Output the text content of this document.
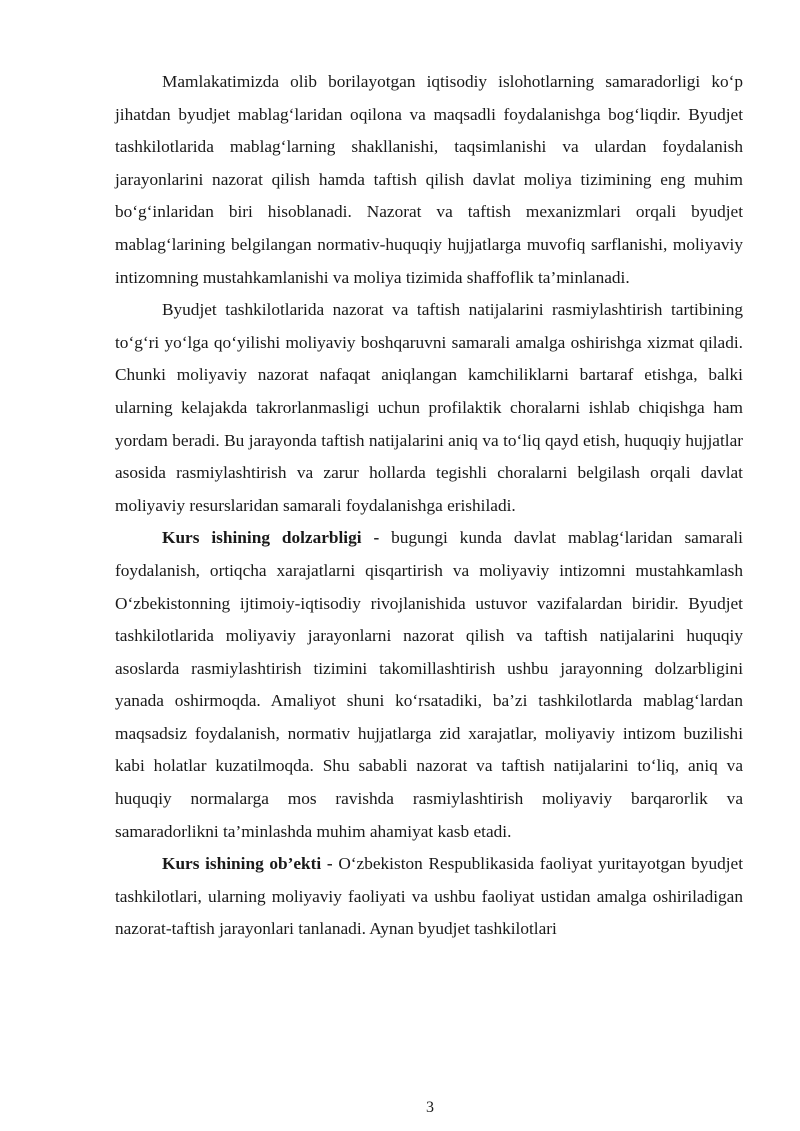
Mamlakatimizda olib borilayotgan iqtisodiy islohotlarning samaradorligi ko‘p jihatdan byudjet mablag‘laridan oqilona va maqsadli foydalanishga bog‘liqdir. Byudjet tashkilotlarida mablag‘larning shakllanishi, taqsimlanishi va ulardan foydalanish jarayonlarini nazorat qilish hamda taftish qilish davlat moliya tizimining eng muhim bo‘g‘inlaridan biri hisoblanadi. Nazorat va taftish mexanizmlari orqali byudjet mablag‘larining belgilangan normativ-huquqiy hujjatlarga muvofiq sarflanishi, moliyaviy intizomning mustahkamlanishi va moliya tizimida shaffoflik ta’minlanadi.

Byudjet tashkilotlarida nazorat va taftish natijalarini rasmiylashtirish tartibining to‘g‘ri yo‘lga qo‘yilishi moliyaviy boshqaruvni samarali amalga oshirishga xizmat qiladi. Chunki moliyaviy nazorat nafaqat aniqlangan kamchiliklarni bartaraf etishga, balki ularning kelajakda takrorlanmasligi uchun profilaktik choralarni ishlab chiqishga ham yordam beradi. Bu jarayonda taftish natijalarini aniq va to‘liq qayd etish, huquqiy hujjatlar asosida rasmiylashtirish va zarur hollarda tegishli choralarni belgilash orqali davlat moliyaviy resurslaridan samarali foydalanishga erishiladi.

Kurs ishining dolzarbligi - bugungi kunda davlat mablag‘laridan samarali foydalanish, ortiqcha xarajatlarni qisqartirish va moliyaviy intizomni mustahkamlash O‘zbekistonning ijtimoiy-iqtisodiy rivojlanishida ustuvor vazifalardan biridir. Byudjet tashkilotlarida moliyaviy jarayonlarni nazorat qilish va taftish natijalarini huquqiy asoslarda rasmiylashtirish tizimini takomillashtirish ushbu jarayonning dolzarbligini yanada oshirmoqda. Amaliyot shuni ko‘rsatadiki, ba’zi tashkilotlarda mablag‘lardan maqsadsiz foydalanish, normativ hujjatlarga zid xarajatlar, moliyaviy intizom buzilishi kabi holatlar kuzatilmoqda. Shu sababli nazorat va taftish natijalarini to‘liq, aniq va huquqiy normalarga mos ravishda rasmiylashtirish moliyaviy barqarorlik va samaradorlikni ta’minlashda muhim ahamiyat kasb etadi.

Kurs ishining ob’ekti - O‘zbekiston Respublikasida faoliyat yuritayotgan byudjet tashkilotlari, ularning moliyaviy faoliyati va ushbu faoliyat ustidan amalga oshiriladigan nazorat-taftish jarayonlari tanlanadi. Aynan byudjet tashkilotlari

3
